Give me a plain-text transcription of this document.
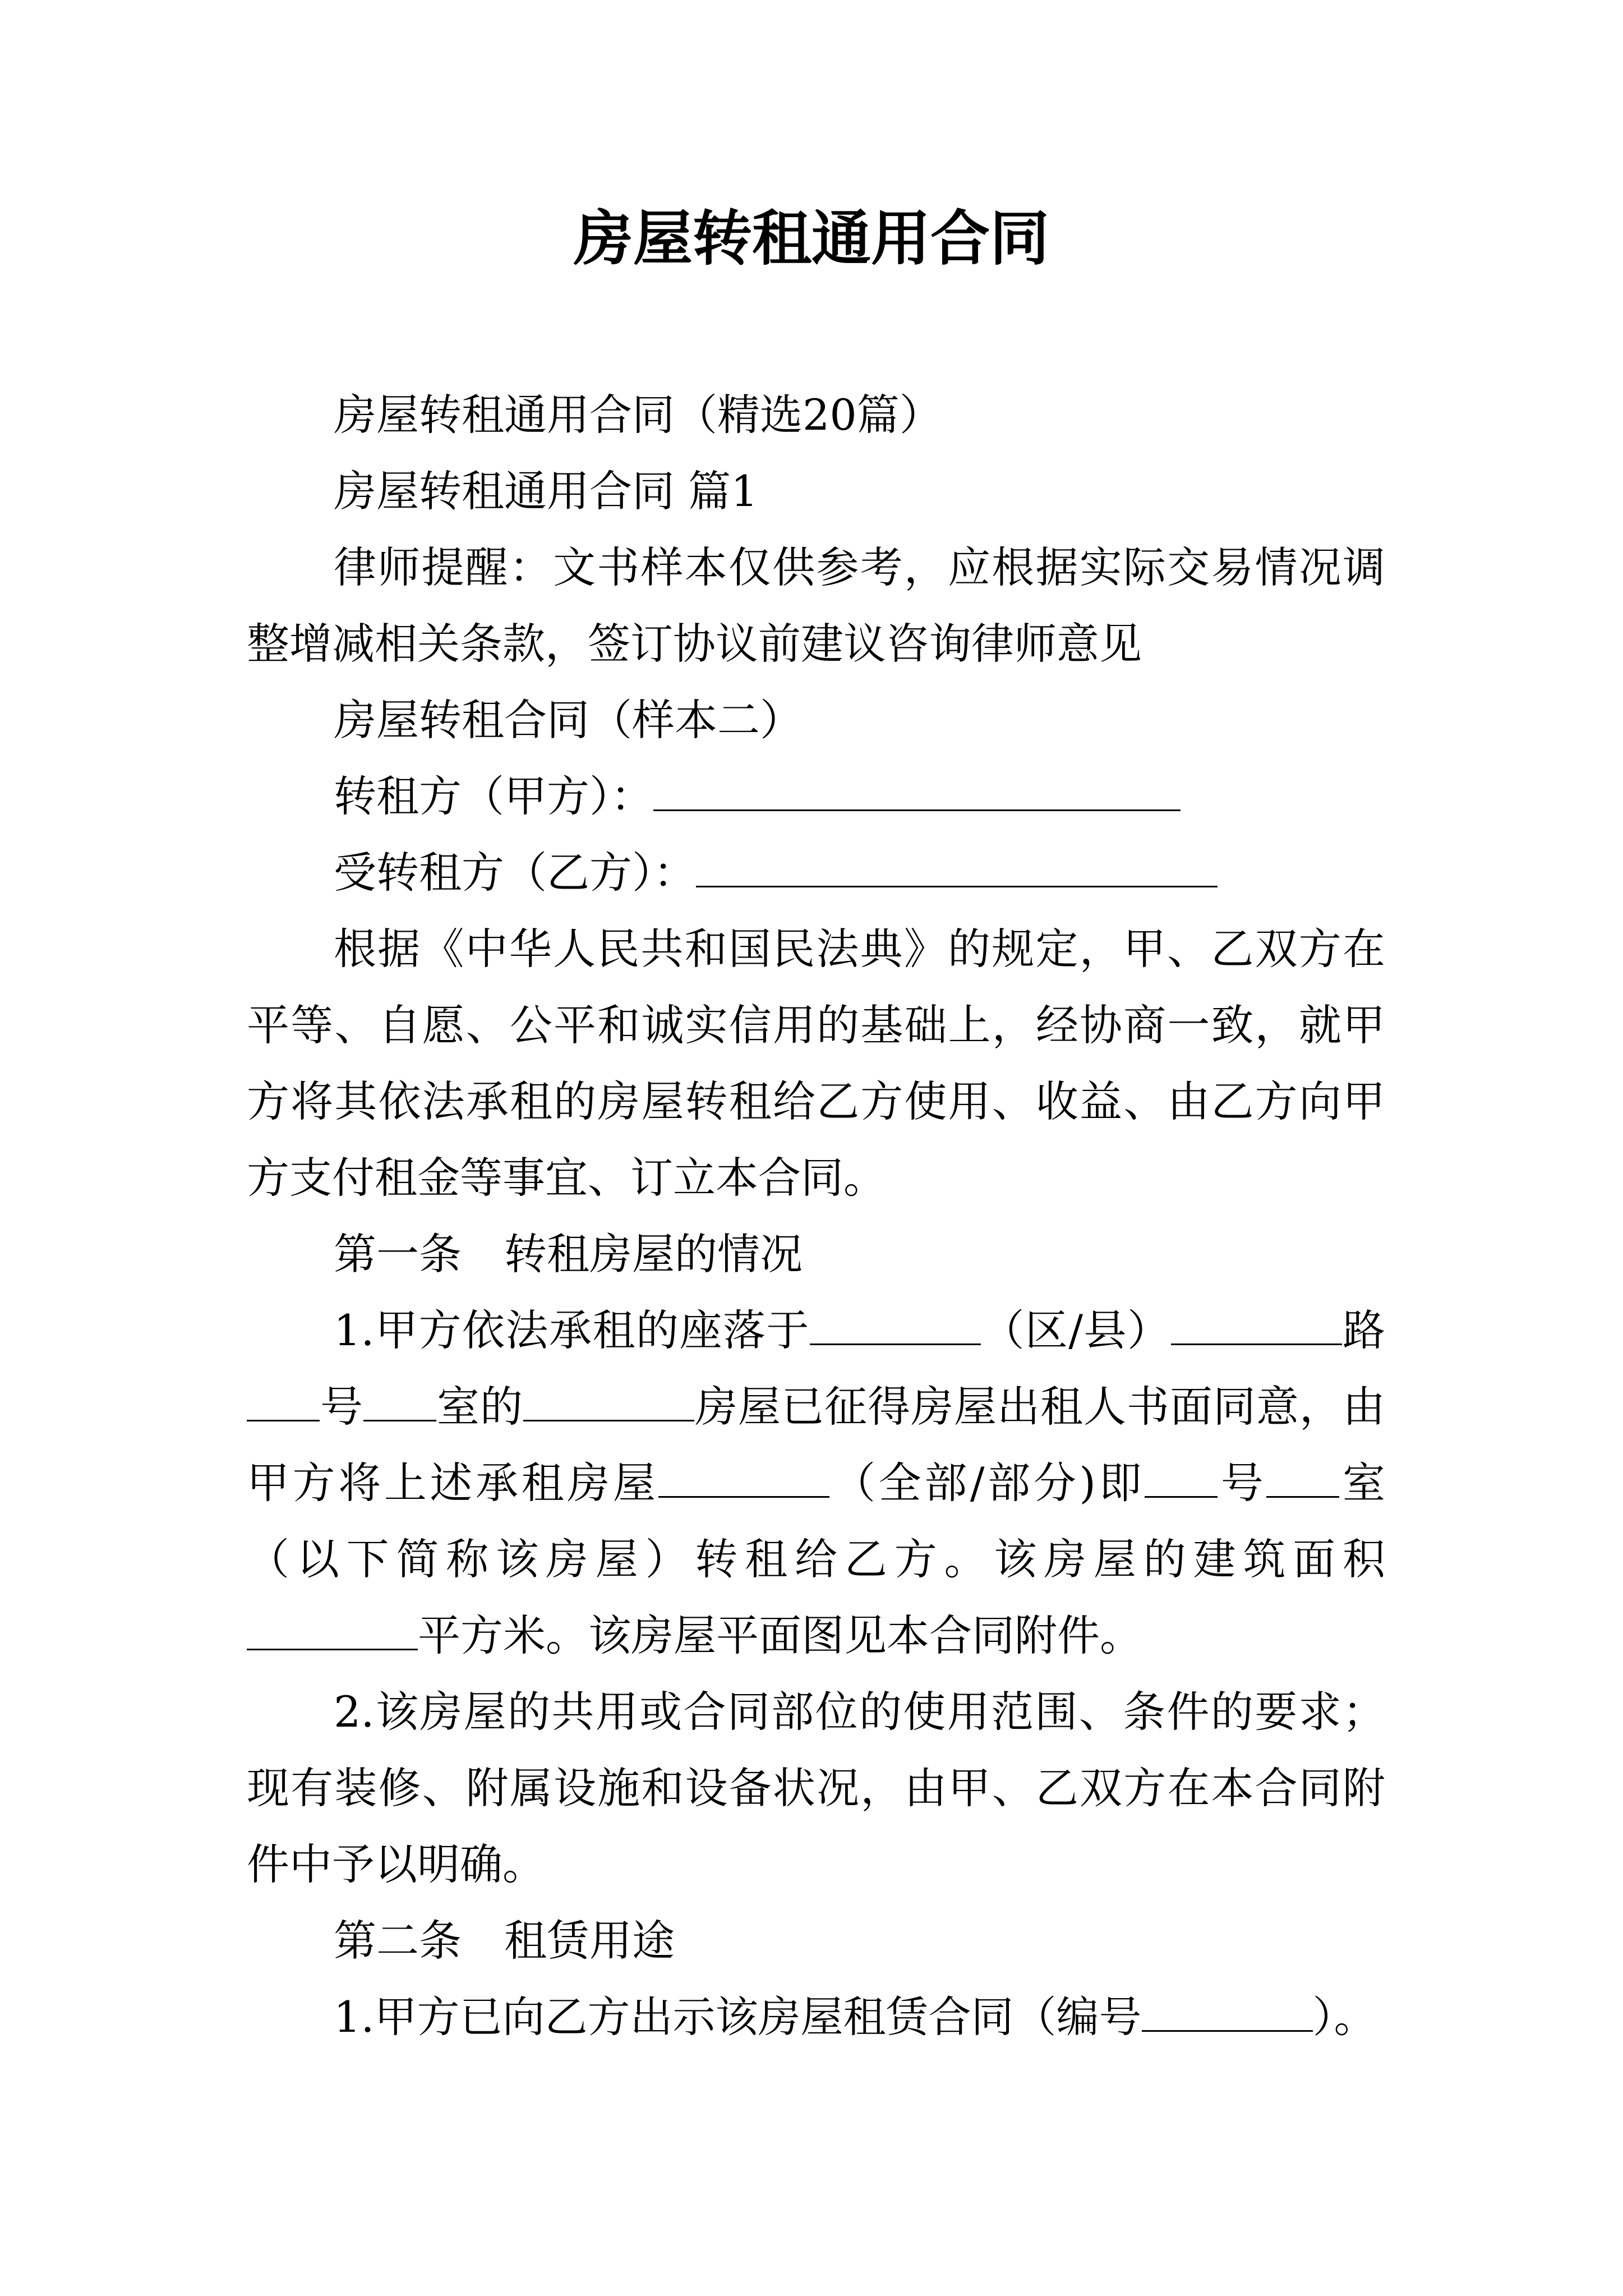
房屋转租通用合同

房屋转租通用合同（精选20篇）

房屋转租通用合同 篇1

律师提醒：文书样本仅供参考，应根据实际交易情况调整增减相关条款，签订协议前建议咨询律师意见

房屋转租合同（样本二）

转租方（甲方）：

受转租方（乙方）：

根据《中华人民共和国民法典》的规定，甲、乙双方在平等、自愿、公平和诚实信用的基础上，经协商一致，就甲方将其依法承租的房屋转租给乙方使用、收益、由乙方向甲方支付租金等事宜、订立本合同。

第一条 转租房屋的情况

1.甲方依法承租的座落于	（区/县）	路号 室的	房屋已征得房屋出租人书面同意，由甲方将上述承租房屋	（全部/部分)即 号 室（以下简称该房屋）转租给乙方。该房屋的建筑面积平方米。该房屋平面图见本合同附件。

2.该房屋的共用或合同部位的使用范围、条件的要求；现有装修、附属设施和设备状况，由甲、乙双方在本合同附件中予以明确。

第二条 租赁用途

1.甲方已向乙方出示该房屋租赁合同（编号	）。
